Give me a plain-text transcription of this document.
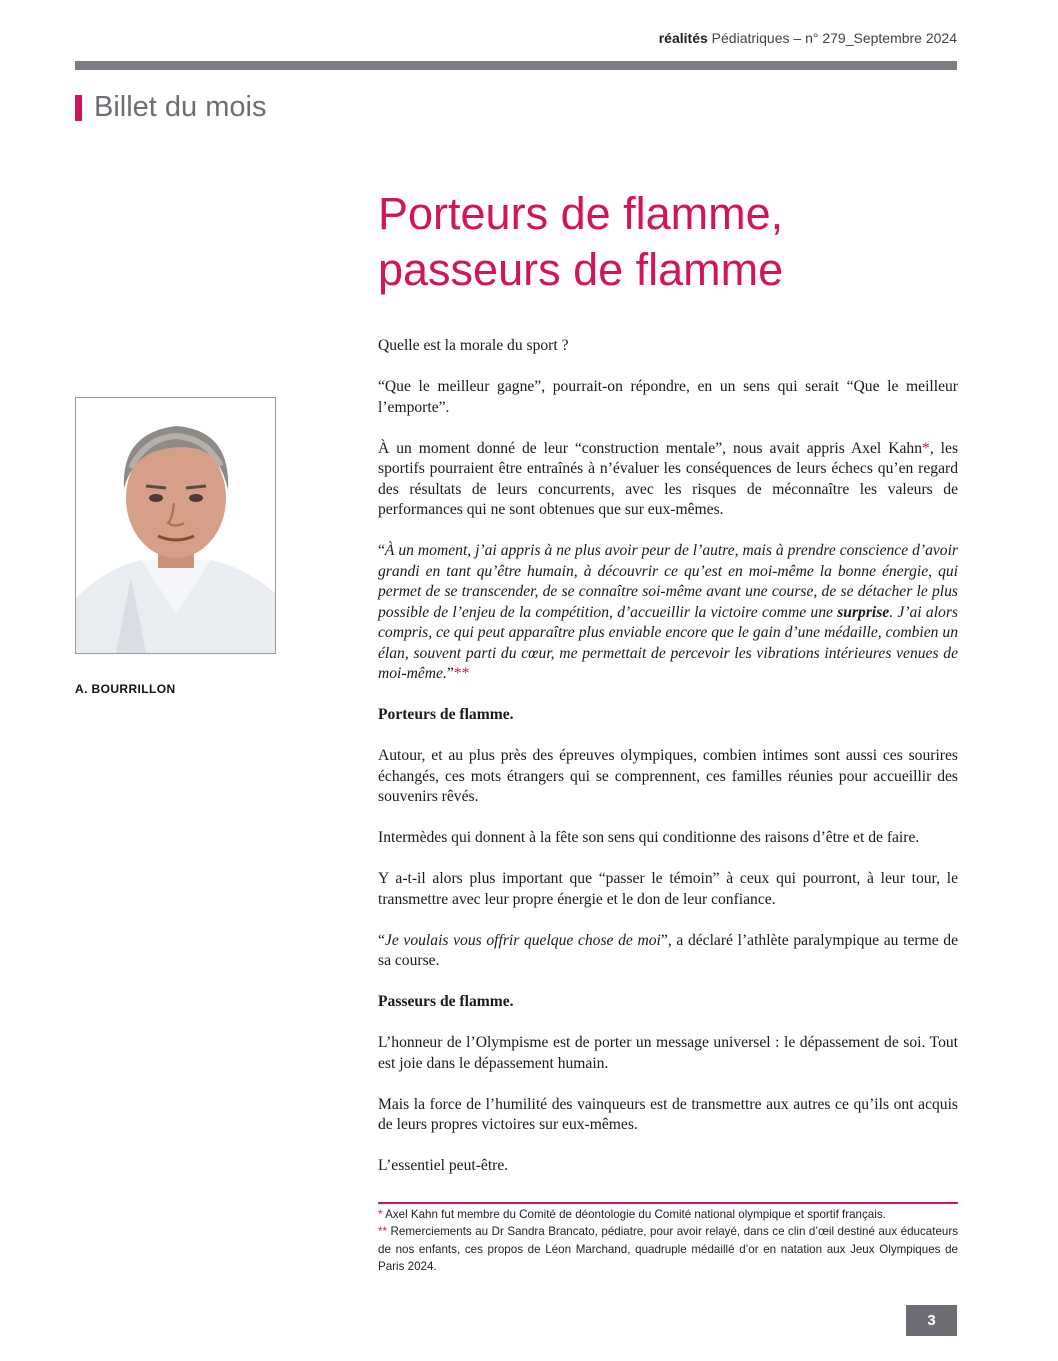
réalités Pédiatriques – n° 279_Septembre 2024
Billet du mois
Porteurs de flamme,
passeurs de flamme
A. BOURRILLON

Quelle est la morale du sport ?

“Que le meilleur gagne”, pourrait-on répondre, en un sens qui serait “Que le meilleur l’emporte”.

À un moment donné de leur “construction mentale”, nous avait appris Axel Kahn*, les sportifs pourraient être entraînés à n’évaluer les conséquences de leurs échecs qu’en regard des résultats de leurs concurrents, avec les risques de méconnaître les valeurs de performances qui ne sont obtenues que sur eux-mêmes.

“À un moment, j’ai appris à ne plus avoir peur de l’autre, mais à prendre conscience d’avoir grandi en tant qu’être humain, à découvrir ce qu’est en moi-même la bonne énergie, qui permet de se transcender, de se connaître soi-même avant une course, de se détacher le plus possible de l’enjeu de la compétition, d’accueillir la victoire comme une surprise. J’ai alors compris, ce qui peut apparaître plus enviable encore que le gain d’une médaille, combien un élan, souvent parti du cœur, me permettait de percevoir les vibrations intérieures venues de moi-même.”**

Porteurs de flamme.

Autour, et au plus près des épreuves olympiques, combien intimes sont aussi ces sourires échangés, ces mots étrangers qui se comprennent, ces familles réunies pour accueillir des souvenirs rêvés.

Intermèdes qui donnent à la fête son sens qui conditionne des raisons d’être et de faire.

Y a-t-il alors plus important que “passer le témoin” à ceux qui pourront, à leur tour, le transmettre avec leur propre énergie et le don de leur confiance.

“Je voulais vous offrir quelque chose de moi”, a déclaré l’athlète paralympique au terme de sa course.

Passeurs de flamme.

L’honneur de l’Olympisme est de porter un message universel : le dépassement de soi. Tout est joie dans le dépassement humain.

Mais la force de l’humilité des vainqueurs est de transmettre aux autres ce qu’ils ont acquis de leurs propres victoires sur eux-mêmes.

L’essentiel peut-être.

* Axel Kahn fut membre du Comité de déontologie du Comité national olympique et sportif français.

** Remerciements au Dr Sandra Brancato, pédiatre, pour avoir relayé, dans ce clin d’œil destiné aux éducateurs de nos enfants, ces propos de Léon Marchand, quadruple médaillé d’or en natation aux Jeux Olympiques de Paris 2024.

3
